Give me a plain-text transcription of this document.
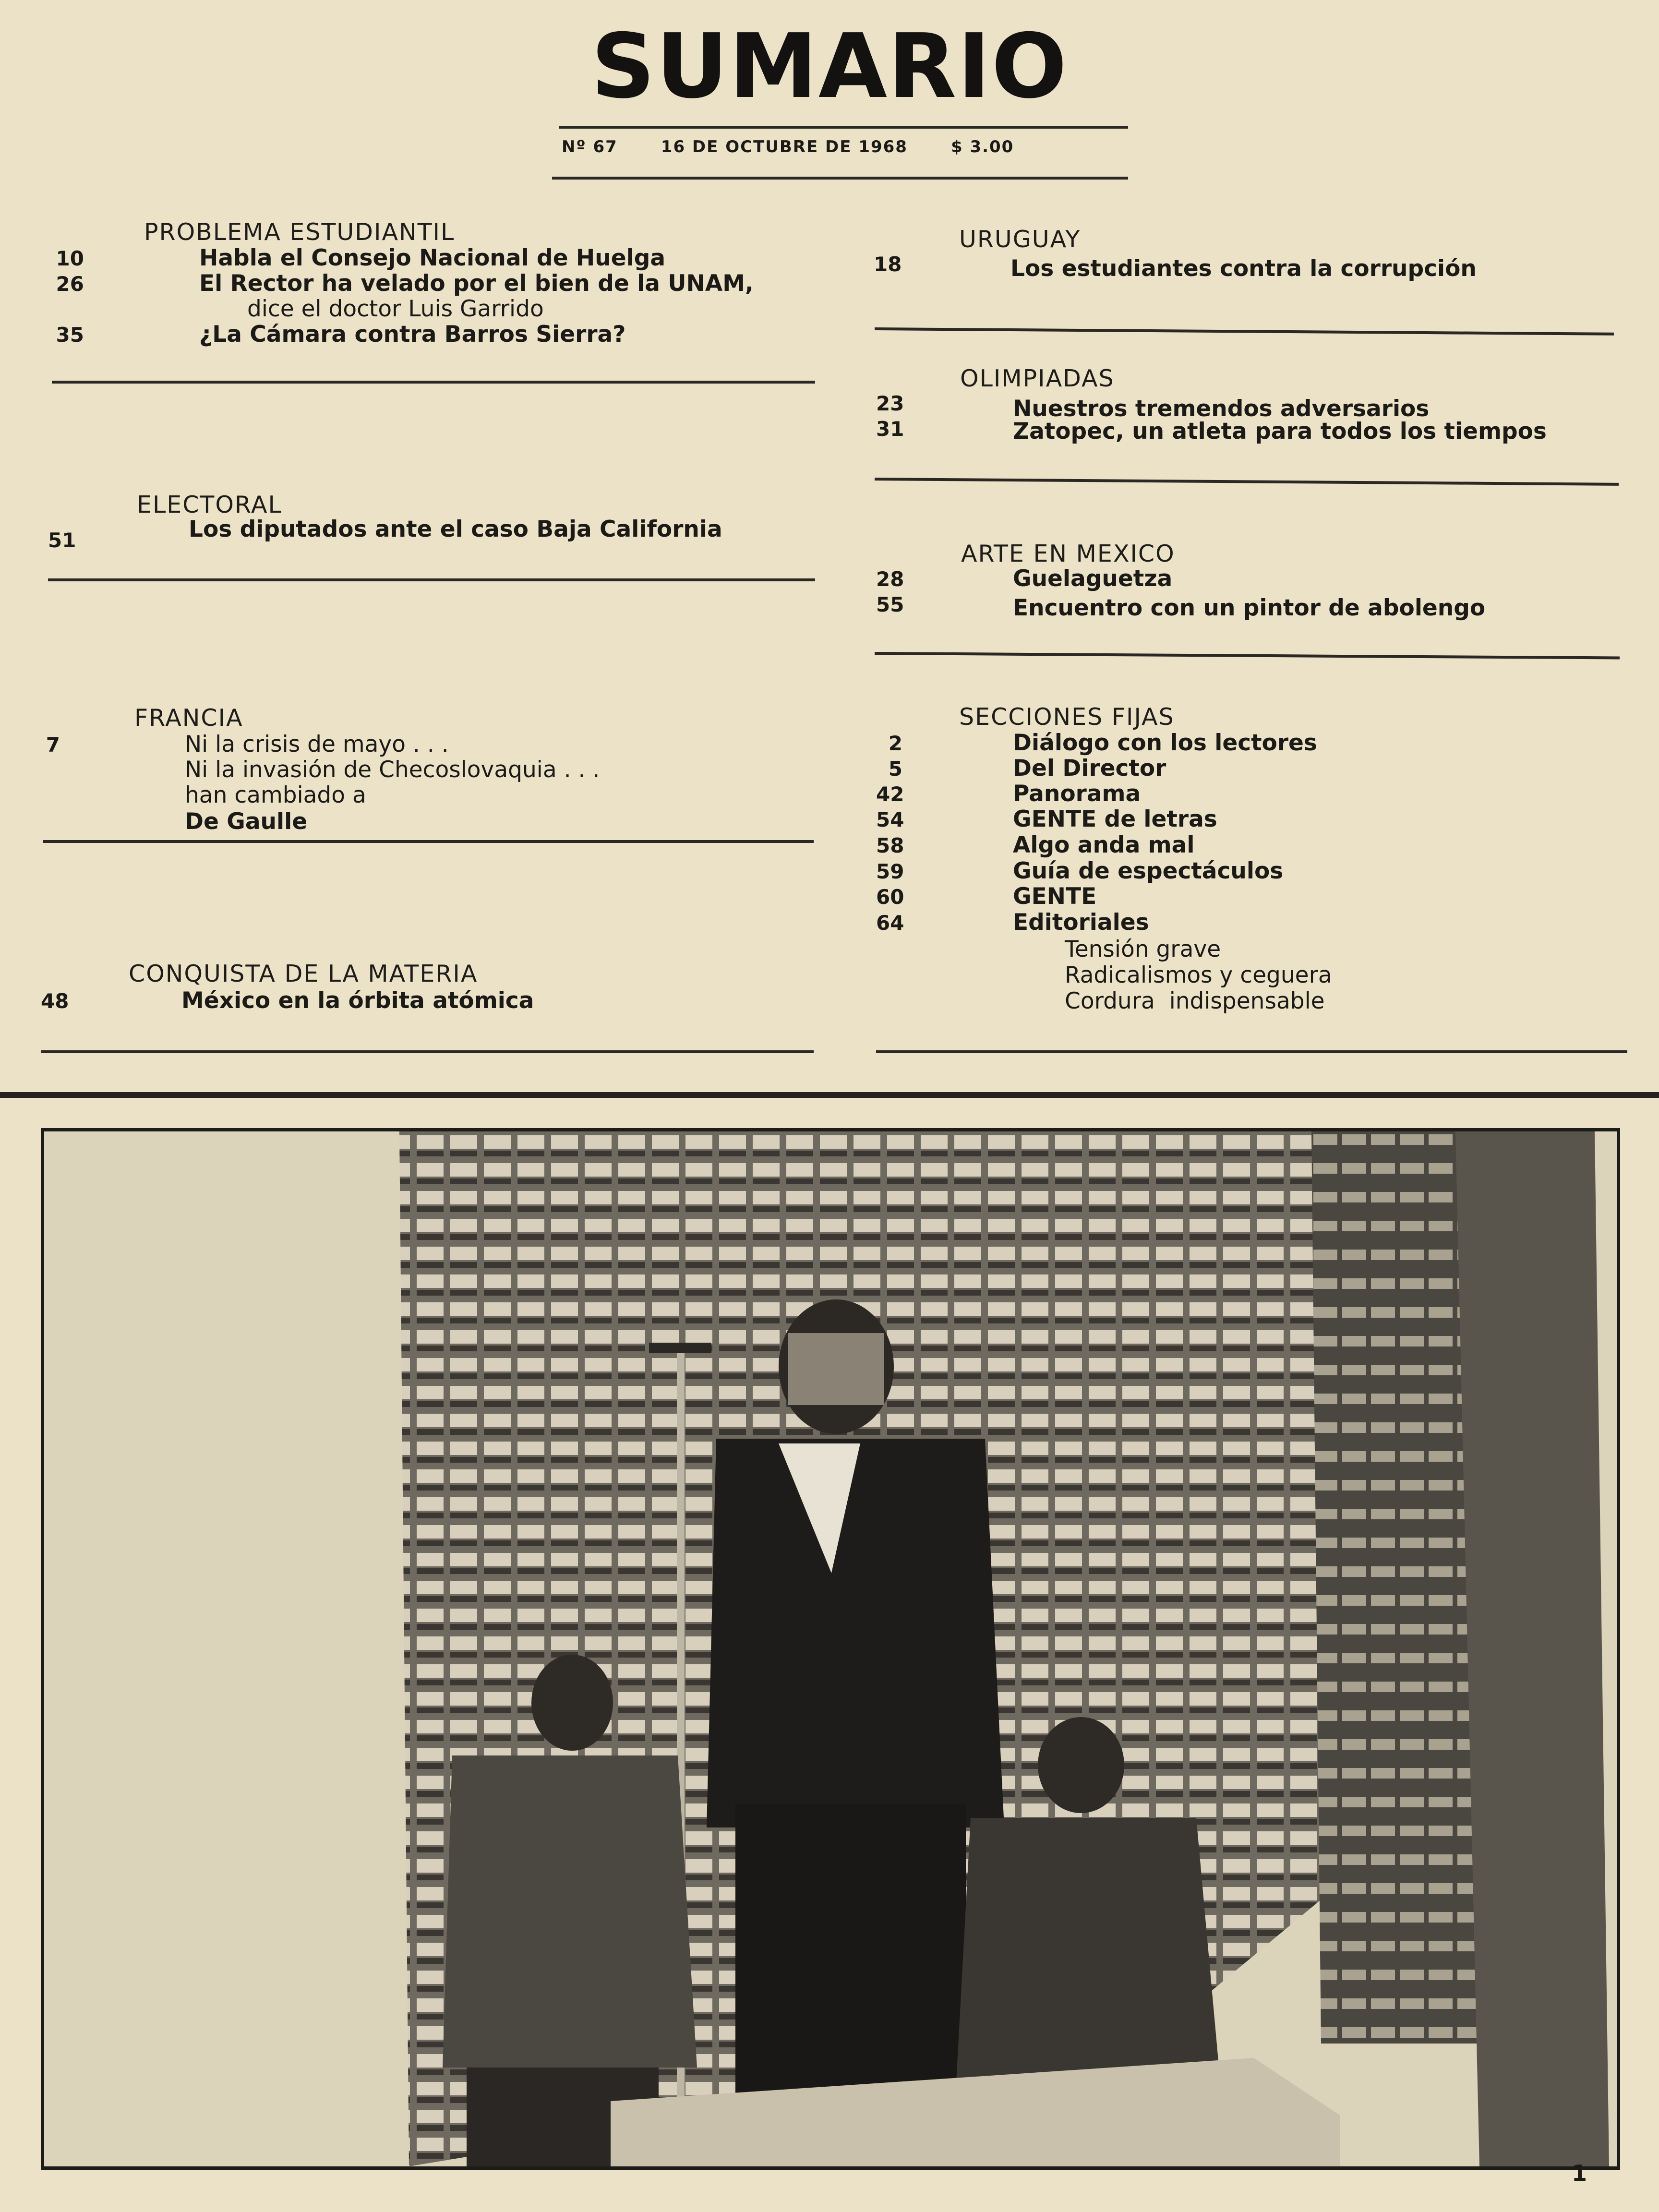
SUMARIO
Nº 67	16 DE OCTUBRE DE 1968	$ 3.00
PROBLEMA ESTUDIANTIL
10	Habla el Consejo Nacional de Huelga
26	El Rector ha velado por el bien de la UNAM,
dice el doctor Luis Garrido
35	¿La Cámara contra Barros Sierra?
ELECTORAL
51	Los diputados ante el caso Baja California
FRANCIA
7	Ni la crisis de mayo . . .
Ni la invasión de Checoslovaquia . . .
han cambiado a
De Gaulle
CONQUISTA DE LA MATERIA
48	México en la órbita atómica
URUGUAY
18	Los estudiantes contra la corrupción
OLIMPIADAS
23	Nuestros tremendos adversarios
31	Zatopec, un atleta para todos los tiempos
ARTE EN MEXICO
28	Guelaguetza
55	Encuentro con un pintor de abolengo
SECCIONES FIJAS
2	Diálogo con los lectores
5	Del Director
42	Panorama
54	GENTE de letras
58	Algo anda mal
59	Guía de espectáculos
60	GENTE
64	Editoriales
Tensión grave
Radicalismos y ceguera
Cordura  indispensable
1
